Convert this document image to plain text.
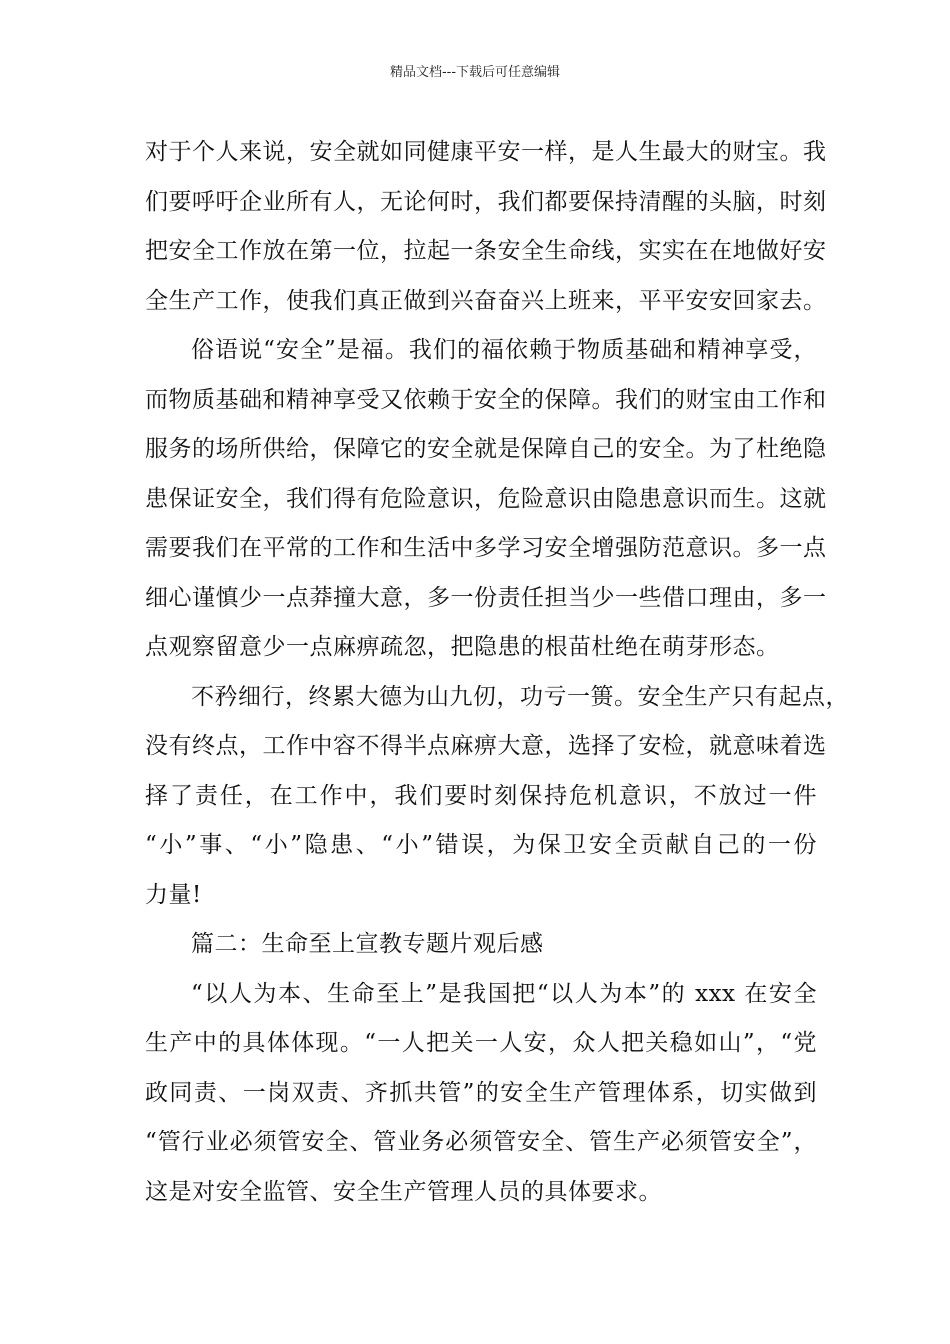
精品文档---下载后可任意编辑
对于个人来说，安全就如同健康平安一样，是人生最大的财宝。我
们要呼吁企业所有人，无论何时，我们都要保持清醒的头脑，时刻
把安全工作放在第一位，拉起一条安全生命线，实实在在地做好安
全生产工作，使我们真正做到兴奋奋兴上班来，平平安安回家去。
俗语说“安全”是福。我们的福依赖于物质基础和精神享受，
而物质基础和精神享受又依赖于安全的保障。我们的财宝由工作和
服务的场所供给，保障它的安全就是保障自己的安全。为了杜绝隐
患保证安全，我们得有危险意识，危险意识由隐患意识而生。这就
需要我们在平常的工作和生活中多学习安全增强防范意识。多一点
细心谨慎少一点莽撞大意，多一份责任担当少一些借口理由，多一
点观察留意少一点麻痹疏忽，把隐患的根苗杜绝在萌芽形态。
不矜细行，终累大德为山九仞，功亏一篑。安全生产只有起点，
没有终点，工作中容不得半点麻痹大意，选择了安检，就意味着选
择了责任，在工作中，我们要时刻保持危机意识，不放过一件
“小”事、“小”隐患、“小”错误，为保卫安全贡献自己的一份
力量!
篇二：生命至上宣教专题片观后感
“以人为本、生命至上”是我国把“以人为本”的 xxx 在安全
生产中的具体体现。“一人把关一人安，众人把关稳如山”，“党
政同责、一岗双责、齐抓共管”的安全生产管理体系，切实做到
“管行业必须管安全、管业务必须管安全、管生产必须管安全”，
这是对安全监管、安全生产管理人员的具体要求。
